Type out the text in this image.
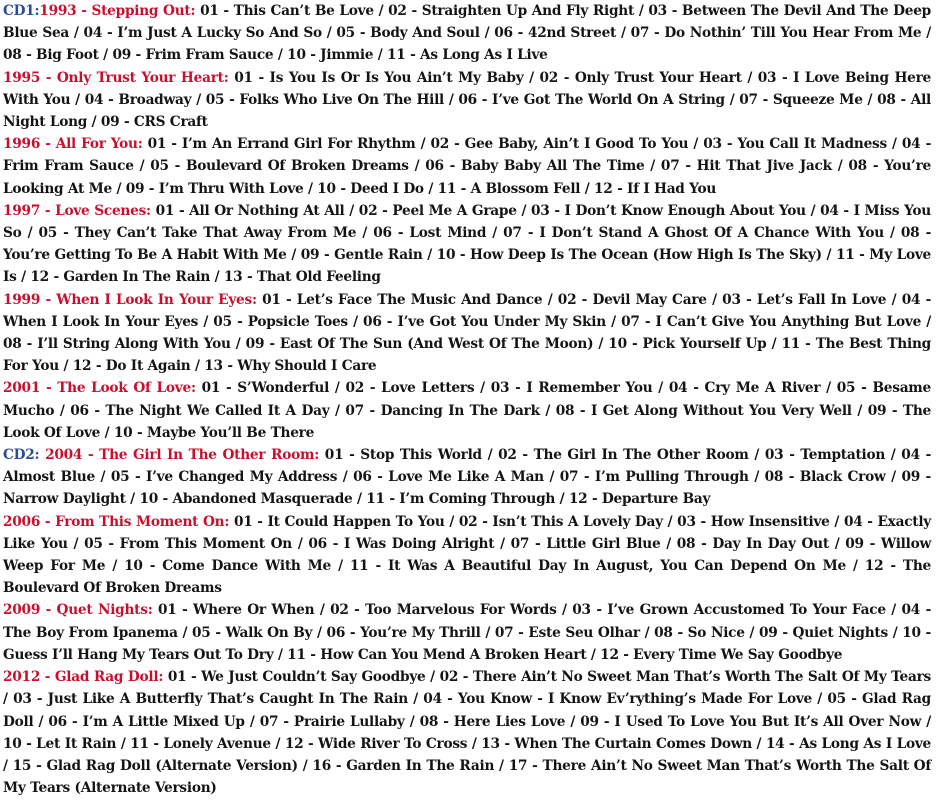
CD1:1993 - Stepping Out: 01 - This Can’t Be Love / 02 - Straighten Up And Fly Right / 03 - Between The Devil And The Deep Blue Sea / 04 - I’m Just A Lucky So And So / 05 - Body And Soul / 06 - 42nd Street / 07 - Do Nothin’ Till You Hear From Me / 08 - Big Foot / 09 - Frim Fram Sauce / 10 - Jimmie / 11 - As Long As I Live

1995 - Only Trust Your Heart: 01 - Is You Is Or Is You Ain’t My Baby / 02 - Only Trust Your Heart / 03 - I Love Being Here With You / 04 - Broadway / 05 - Folks Who Live On The Hill / 06 - I’ve Got The World On A String / 07 - Squeeze Me / 08 - All Night Long / 09 - CRS Craft

1996 - All For You: 01 - I’m An Errand Girl For Rhythm / 02 - Gee Baby, Ain’t I Good To You / 03 - You Call It Madness / 04 - Frim Fram Sauce / 05 - Boulevard Of Broken Dreams / 06 - Baby Baby All The Time / 07 - Hit That Jive Jack / 08 - You’re Looking At Me / 09 - I’m Thru With Love / 10 - Deed I Do / 11 - A Blossom Fell / 12 - If I Had You

1997 - Love Scenes: 01 - All Or Nothing At All / 02 - Peel Me A Grape / 03 - I Don’t Know Enough About You / 04 - I Miss You So / 05 - They Can’t Take That Away From Me / 06 - Lost Mind / 07 - I Don’t Stand A Ghost Of A Chance With You / 08 - You’re Getting To Be A Habit With Me / 09 - Gentle Rain / 10 - How Deep Is The Ocean (How High Is The Sky) / 11 - My Love Is / 12 - Garden In The Rain / 13 - That Old Feeling

1999 - When I Look In Your Eyes: 01 - Let’s Face The Music And Dance / 02 - Devil May Care / 03 - Let’s Fall In Love / 04 - When I Look In Your Eyes / 05 - Popsicle Toes / 06 - I’ve Got You Under My Skin / 07 - I Can’t Give You Anything But Love / 08 - I’ll String Along With You / 09 - East Of The Sun (And West Of The Moon) / 10 - Pick Yourself Up / 11 - The Best Thing For You / 12 - Do It Again / 13 - Why Should I Care

2001 - The Look Of Love: 01 - S’Wonderful / 02 - Love Letters / 03 - I Remember You / 04 - Cry Me A River / 05 - Besame Mucho / 06 - The Night We Called It A Day / 07 - Dancing In The Dark / 08 - I Get Along Without You Very Well / 09 - The Look Of Love / 10 - Maybe You’ll Be There

CD2: 2004 - The Girl In The Other Room: 01 - Stop This World / 02 - The Girl In The Other Room / 03 - Temptation / 04 - Almost Blue / 05 - I’ve Changed My Address / 06 - Love Me Like A Man / 07 - I’m Pulling Through / 08 - Black Crow / 09 - Narrow Daylight / 10 - Abandoned Masquerade / 11 - I’m Coming Through / 12 - Departure Bay

2006 - From This Moment On: 01 - It Could Happen To You / 02 - Isn’t This A Lovely Day / 03 - How Insensitive / 04 - Exactly Like You / 05 - From This Moment On / 06 - I Was Doing Alright / 07 - Little Girl Blue / 08 - Day In Day Out / 09 - Willow Weep For Me / 10 - Come Dance With Me / 11 - It Was A Beautiful Day In August, You Can Depend On Me / 12 - The Boulevard Of Broken Dreams

2009 - Quet Nights: 01 - Where Or When / 02 - Too Marvelous For Words / 03 - I’ve Grown Accustomed To Your Face / 04 - The Boy From Ipanema / 05 - Walk On By / 06 - You’re My Thrill / 07 - Este Seu Olhar / 08 - So Nice / 09 - Quiet Nights / 10 - Guess I’ll Hang My Tears Out To Dry / 11 - How Can You Mend A Broken Heart / 12 - Every Time We Say Goodbye

2012 - Glad Rag Doll: 01 - We Just Couldn’t Say Goodbye / 02 - There Ain’t No Sweet Man That’s Worth The Salt Of My Tears / 03 - Just Like A Butterfly That’s Caught In The Rain / 04 - You Know - I Know Ev’rything’s Made For Love / 05 - Glad Rag Doll / 06 - I’m A Little Mixed Up / 07 - Prairie Lullaby / 08 - Here Lies Love / 09 - I Used To Love You But It’s All Over Now / 10 - Let It Rain / 11 - Lonely Avenue / 12 - Wide River To Cross / 13 - When The Curtain Comes Down / 14 - As Long As I Love / 15 - Glad Rag Doll (Alternate Version) / 16 - Garden In The Rain / 17 - There Ain’t No Sweet Man That’s Worth The Salt Of My Tears (Alternate Version)
